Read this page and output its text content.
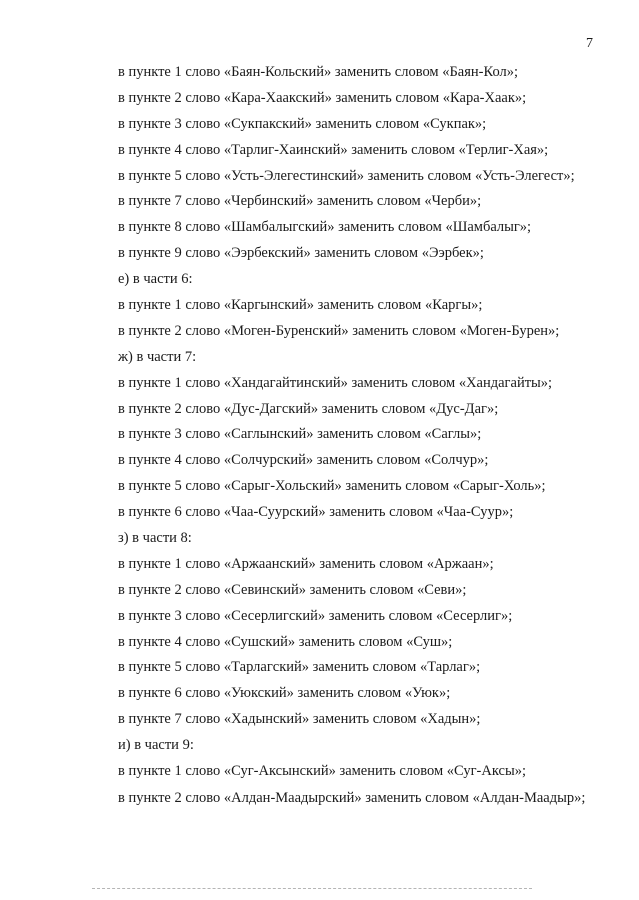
7
в пункте 1 слово «Баян-Кольский» заменить словом «Баян-Кол»;
в пункте 2 слово «Кара-Хаакский» заменить словом «Кара-Хаак»;
в пункте 3 слово «Сукпакский» заменить словом «Сукпак»;
в пункте 4 слово «Тарлиг-Хаинский» заменить словом «Терлиг-Хая»;
в пункте 5 слово «Усть-Элегестинский» заменить словом «Усть-Элегест»;
в пункте 7 слово «Чербинский» заменить словом «Черби»;
в пункте 8 слово «Шамбалыгский» заменить словом «Шамбалыг»;
в пункте 9 слово «Ээрбекский» заменить словом «Ээрбек»;
е) в части 6:
в пункте 1 слово «Каргынский» заменить словом «Каргы»;
в пункте 2 слово «Моген-Буренский» заменить словом «Моген-Бурен»;
ж) в части 7:
в пункте 1 слово «Хандагайтинский» заменить словом «Хандагайты»;
в пункте 2 слово «Дус-Дагский» заменить словом «Дус-Даг»;
в пункте 3 слово «Саглынский» заменить словом «Саглы»;
в пункте 4 слово «Солчурский» заменить словом «Солчур»;
в пункте 5 слово «Сарыг-Хольский» заменить словом «Сарыг-Холь»;
в пункте 6 слово «Чаа-Суурский» заменить словом «Чаа-Суур»;
з) в части 8:
в пункте 1 слово «Аржаанский» заменить словом «Аржаан»;
в пункте 2 слово «Севинский» заменить словом «Севи»;
в пункте 3 слово «Сесерлигский» заменить словом «Сесерлиг»;
в пункте 4 слово «Сушский» заменить словом «Суш»;
в пункте 5 слово «Тарлагский» заменить словом «Тарлаг»;
в пункте 6 слово «Уюкский» заменить словом «Уюк»;
в пункте 7 слово «Хадынский» заменить словом «Хадын»;
и) в части 9:
в пункте 1 слово «Суг-Аксынский» заменить словом «Суг-Аксы»;
в пункте 2 слово «Алдан-Маадырский» заменить словом «Алдан-Маадыр»;
